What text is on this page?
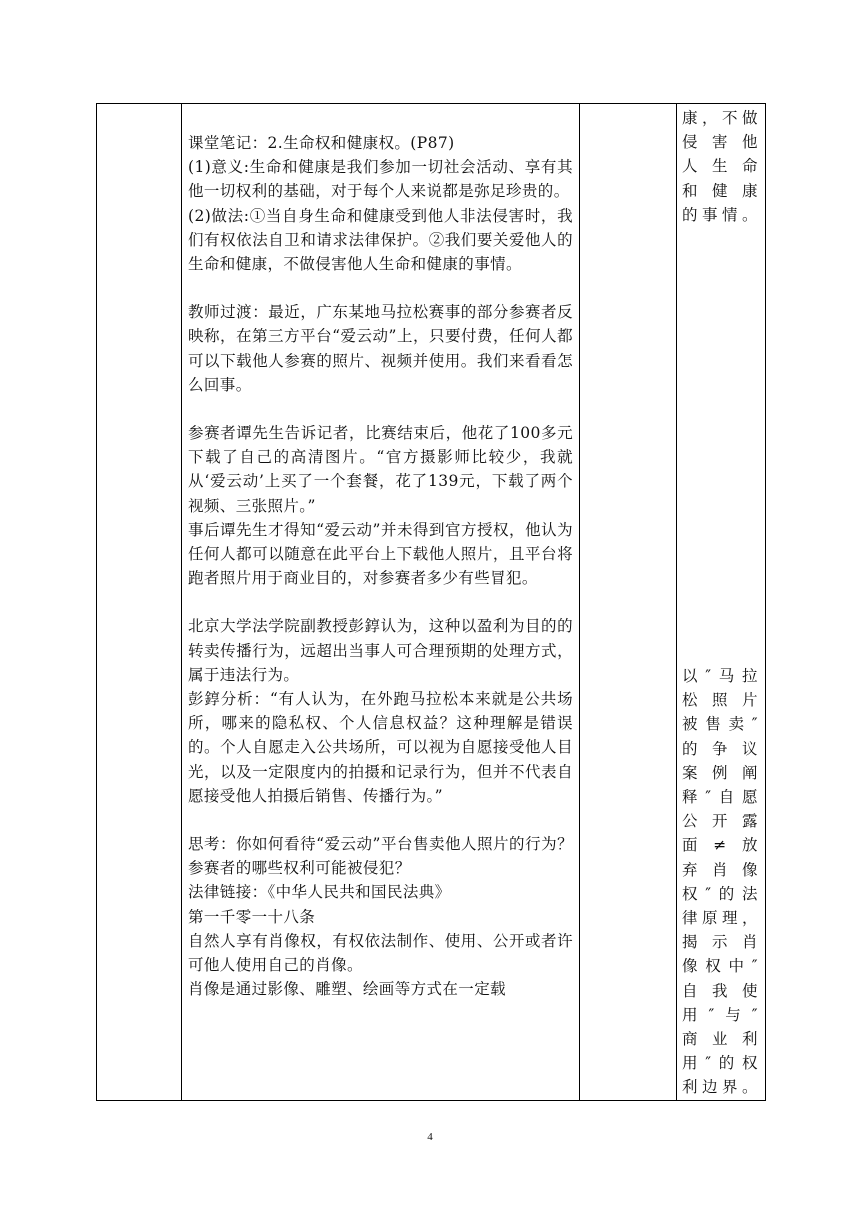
课堂笔记：2.生命权和健康权。(P87)

(1)意义:生命和健康是我们参加一切社会活动、享有其他一切权利的基础，对于每个人来说都是弥足珍贵的。

(2)做法:①当自身生命和健康受到他人非法侵害时，我们有权依法自卫和请求法律保护。②我们要关爱他人的生命和健康，不做侵害他人生命和健康的事情。

教师过渡：最近，广东某地马拉松赛事的部分参赛者反映称，在第三方平台“爱云动”上，只要付费，任何人都可以下载他人参赛的照片、视频并使用。我们来看看怎么回事。

参赛者谭先生告诉记者，比赛结束后，他花了100多元下载了自己的高清图片。“官方摄影师比较少，我就从‘爱云动’上买了一个套餐，花了139元，下载了两个视频、三张照片。”

事后谭先生才得知“爱云动”并未得到官方授权，他认为任何人都可以随意在此平台上下载他人照片，且平台将跑者照片用于商业目的，对参赛者多少有些冒犯。

北京大学法学院副教授彭錞认为，这种以盈利为目的的转卖传播行为，远超出当事人可合理预期的处理方式，属于违法行为。

彭錞分析：“有人认为，在外跑马拉松本来就是公共场所，哪来的隐私权、个人信息权益？这种理解是错误的。个人自愿走入公共场所，可以视为自愿接受他人目光，以及一定限度内的拍摄和记录行为，但并不代表自愿接受他人拍摄后销售、传播行为。”

思考：你如何看待“爱云动”平台售卖他人照片的行为？参赛者的哪些权利可能被侵犯？

法律链接：《中华人民共和国民法典》

第一千零一十八条

自然人享有肖像权，有权依法制作、使用、公开或者许可他人使用自己的肖像。

肖像是通过影像、雕塑、绘画等方式在一定载

康，不做

侵害他

人生命

和健康

的事情。

以″马拉

松照片

被售卖″

的争议

案例阐

释″自愿

公开露

面≠放

弃肖像

权″的法

律原理，

揭示肖

像权中″

自我使

用″与″

商业利

用″的权

利边界。

4
